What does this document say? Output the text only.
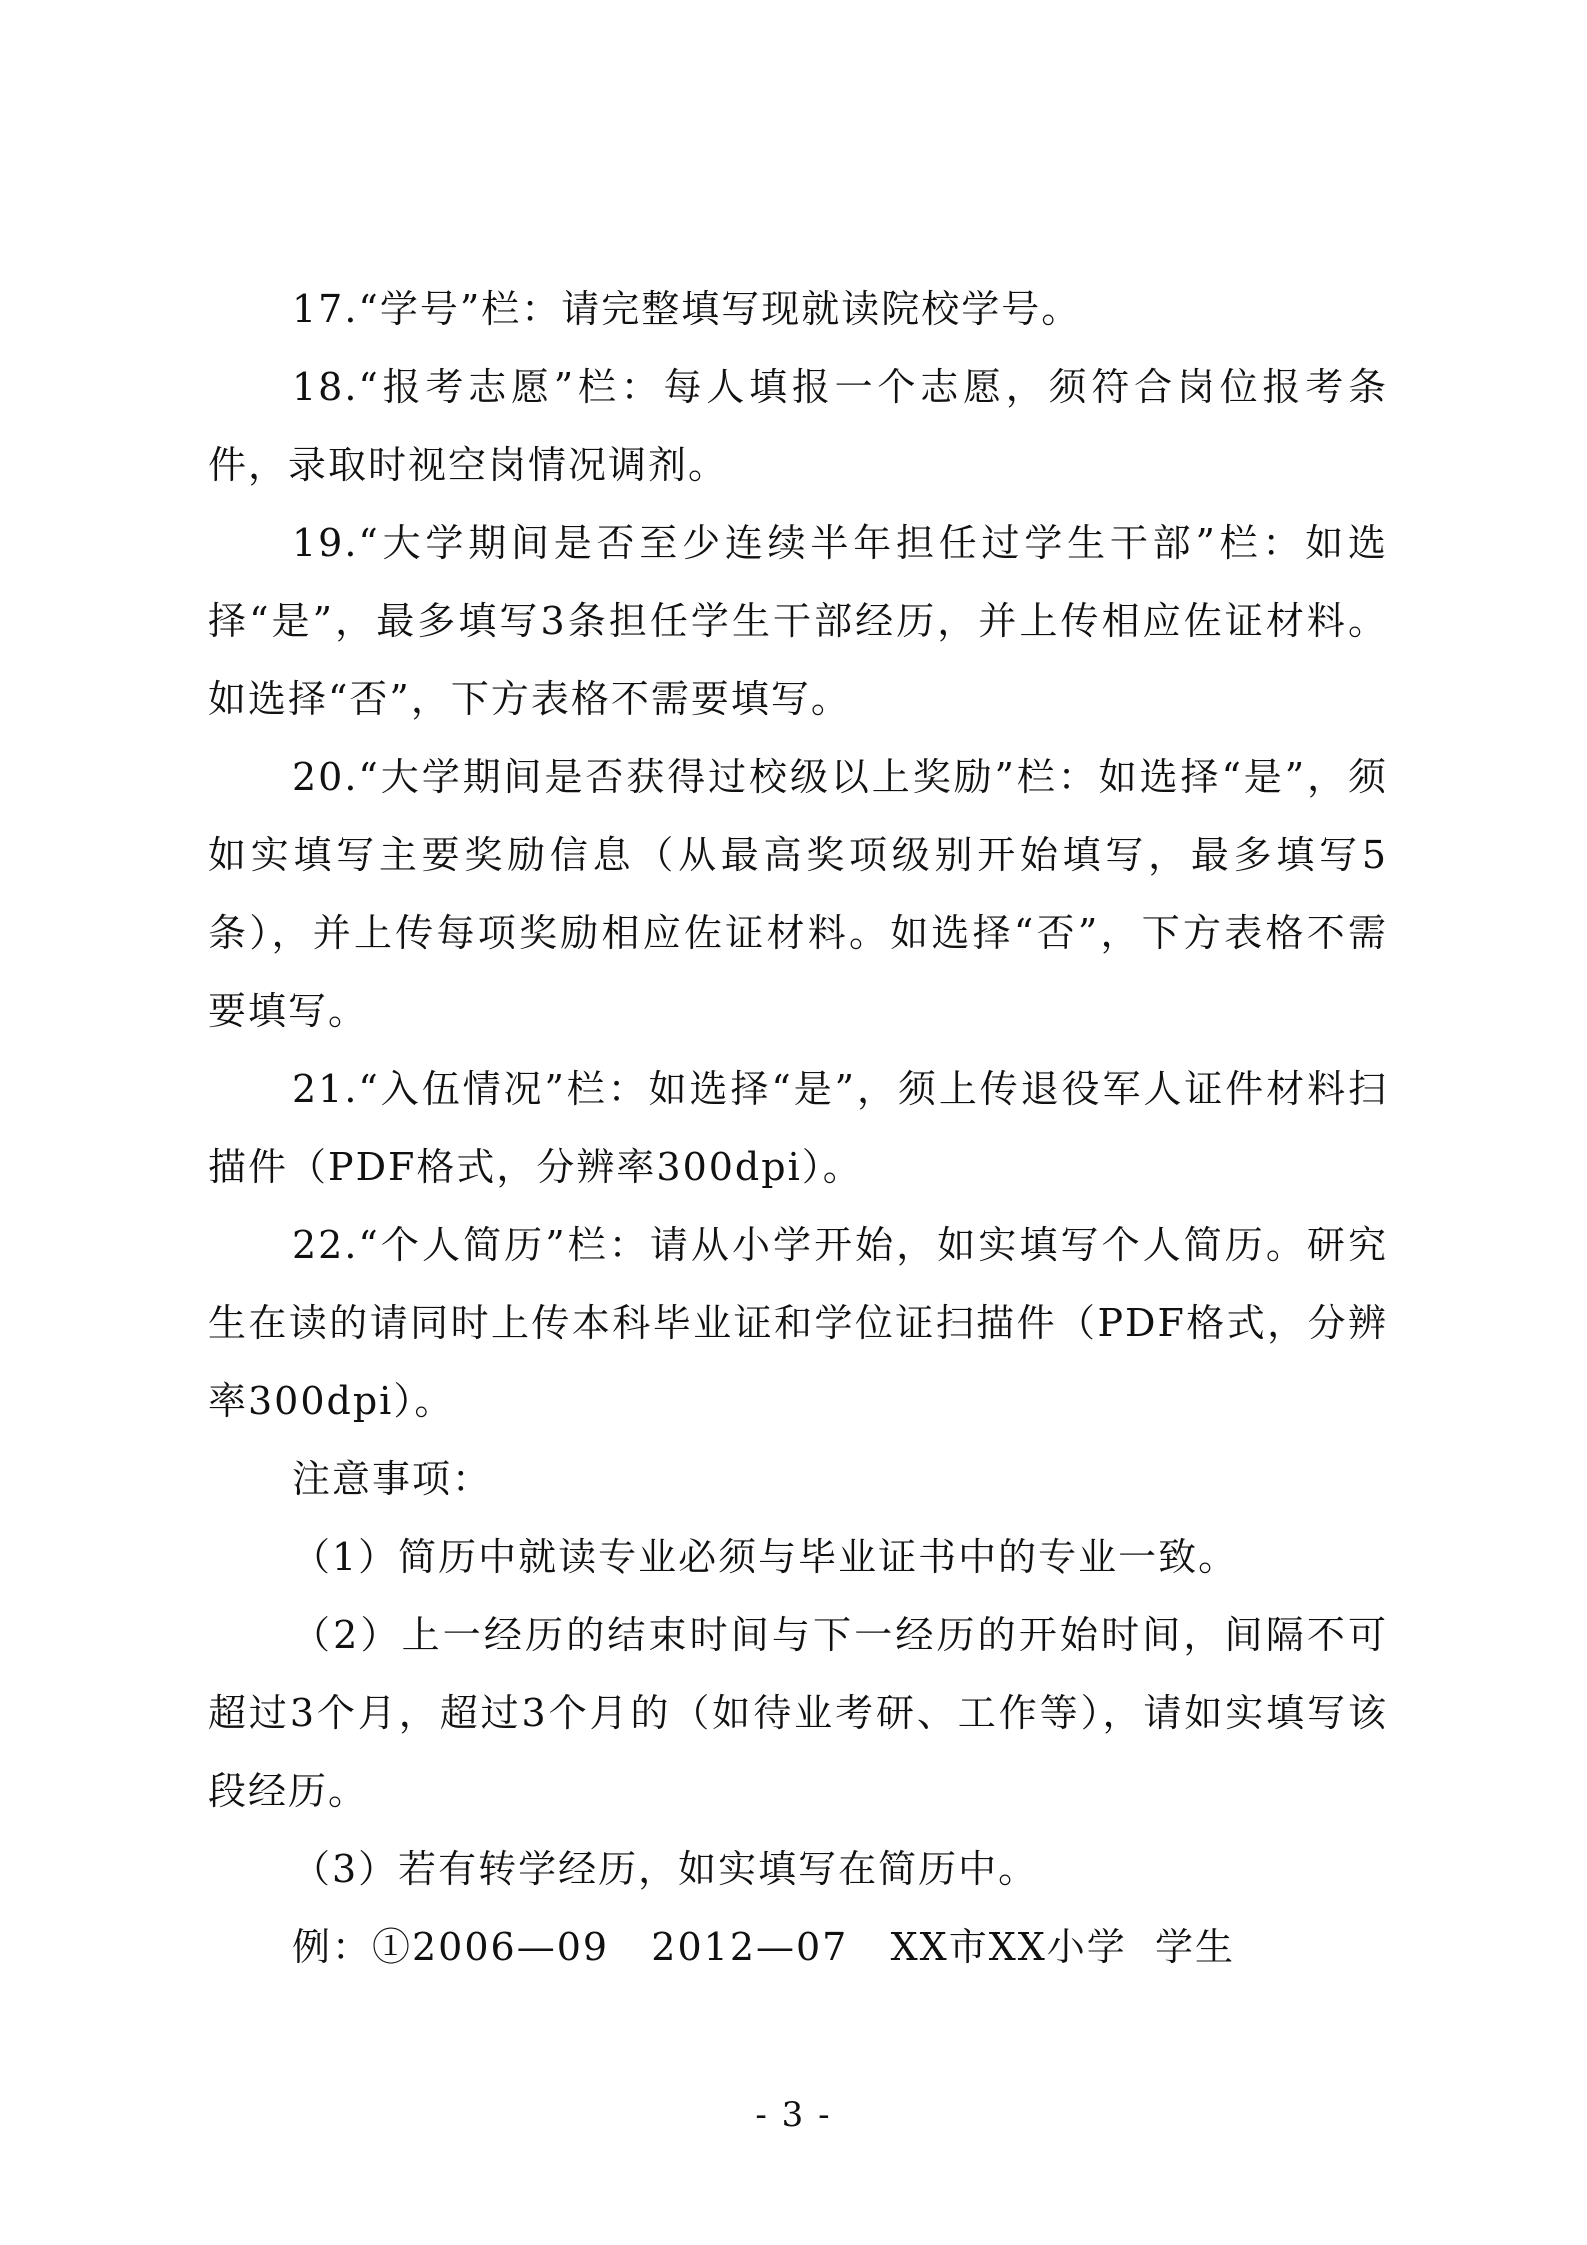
17.“学号”栏：请完整填写现就读院校学号。

18.“报考志愿”栏：每人填报一个志愿，须符合岗位报考条件，录取时视空岗情况调剂。

19.“大学期间是否至少连续半年担任过学生干部”栏：如选择“是”，最多填写3条担任学生干部经历，并上传相应佐证材料。如选择“否”，下方表格不需要填写。

20.“大学期间是否获得过校级以上奖励”栏：如选择“是”，须如实填写主要奖励信息（从最高奖项级别开始填写，最多填写5条），并上传每项奖励相应佐证材料。如选择“否”，下方表格不需要填写。

21.“入伍情况”栏：如选择“是”，须上传退役军人证件材料扫描件（PDF格式，分辨率300dpi）。

22.“个人简历”栏：请从小学开始，如实填写个人简历。研究生在读的请同时上传本科毕业证和学位证扫描件（PDF格式，分辨率300dpi）。

注意事项：

（1）简历中就读专业必须与毕业证书中的专业一致。

（2）上一经历的结束时间与下一经历的开始时间，间隔不可超过3个月，超过3个月的（如待业考研、工作等），请如实填写该段经历。

（3）若有转学经历，如实填写在简历中。

例：①2006—09   2012—07   XX市XX小学  学生

- 3 -
